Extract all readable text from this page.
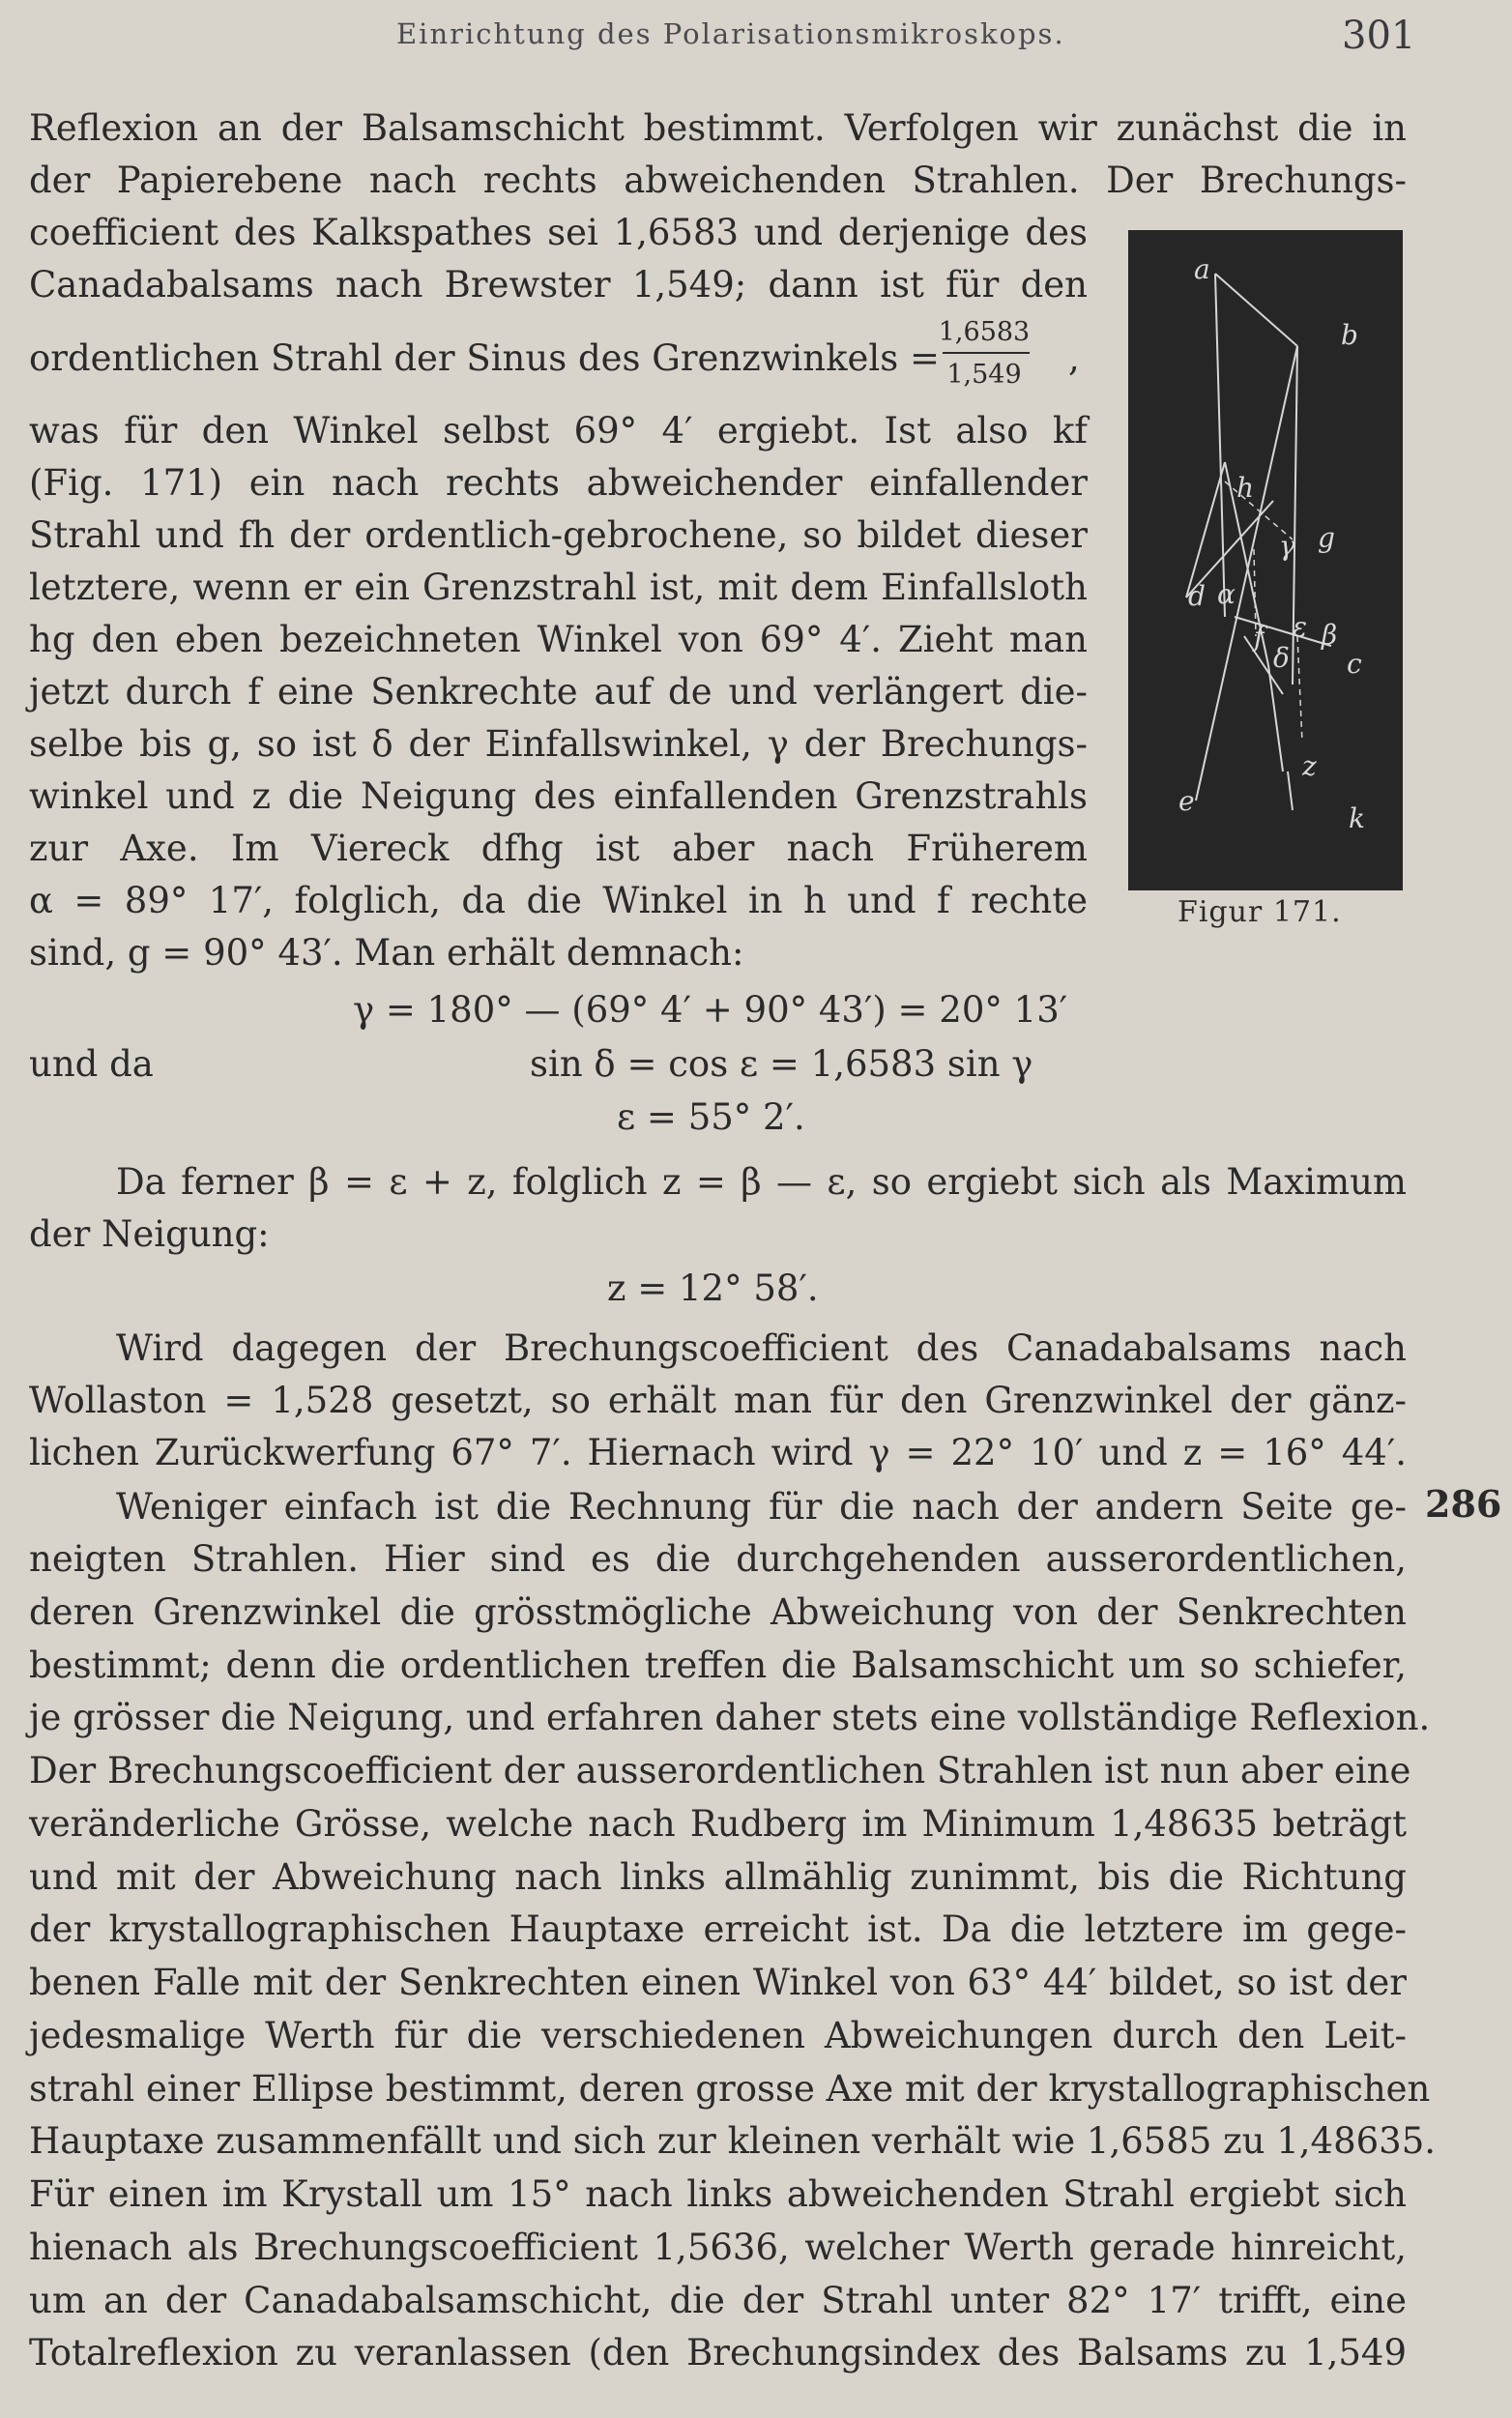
Einrichtung des Polarisationsmikroskops.	301
Reflexion an der Balsamschicht bestimmt. Verfolgen wir zunächst die in
der Papierebene nach rechts abweichenden Strahlen. Der Brechungs-
coefficient des Kalkspathes sei 1,6583 und derjenige des
Canadabalsams nach Brewster 1,549; dann ist für den
ordentlichen Strahl der Sinus des Grenzwinkels =
1,6583
1,549	,
was für den Winkel selbst 69° 4′ ergiebt. Ist also kf
(Fig. 171) ein nach rechts abweichender einfallender
Strahl und fh der ordentlich-gebrochene, so bildet dieser
letztere, wenn er ein Grenzstrahl ist, mit dem Einfallsloth
hg den eben bezeichneten Winkel von 69° 4′. Zieht man
jetzt durch f eine Senkrechte auf de und verlängert die-
selbe bis g, so ist δ der Einfallswinkel, γ der Brechungs-
winkel und z die Neigung des einfallenden Grenzstrahls
zur Axe. Im Viereck dfhg ist aber nach Früherem
α = 89° 17′, folglich, da die Winkel in h und f rechte
sind, g = 90° 43′. Man erhält demnach:
γ = 180° — (69° 4′ + 90° 43′) = 20° 13′
und da	sin δ = cos ε = 1,6583 sin γ
ε = 55° 2′.
Da ferner β = ε + z, folglich z = β — ε, so ergiebt sich als Maximum
der Neigung:
z = 12° 58′.
Wird dagegen der Brechungscoefficient des Canadabalsams nach
Wollaston = 1,528 gesetzt, so erhält man für den Grenzwinkel der gänz-
lichen Zurückwerfung 67° 7′. Hiernach wird γ = 22° 10′ und z = 16° 44′.
Weniger einfach ist die Rechnung für die nach der andern Seite ge-
neigten Strahlen. Hier sind es die durchgehenden ausserordentlichen,
deren Grenzwinkel die grösstmögliche Abweichung von der Senkrechten
bestimmt; denn die ordentlichen treffen die Balsamschicht um so schiefer,
je grösser die Neigung, und erfahren daher stets eine vollständige Reflexion.
Der Brechungscoefficient der ausserordentlichen Strahlen ist nun aber eine
veränderliche Grösse, welche nach Rudberg im Minimum 1,48635 beträgt
und mit der Abweichung nach links allmählig zunimmt, bis die Richtung
der krystallographischen Hauptaxe erreicht ist. Da die letztere im gege-
benen Falle mit der Senkrechten einen Winkel von 63° 44′ bildet, so ist der
jedesmalige Werth für die verschiedenen Abweichungen durch den Leit-
strahl einer Ellipse bestimmt, deren grosse Axe mit der krystallographischen
Hauptaxe zusammenfällt und sich zur kleinen verhält wie 1,6585 zu 1,48635.
Für einen im Krystall um 15° nach links abweichenden Strahl ergiebt sich
hienach als Brechungscoefficient 1,5636, welcher Werth gerade hinreicht,
um an der Canadabalsamschicht, die der Strahl unter 82° 17′ trifft, eine
Totalreflexion zu veranlassen (den Brechungsindex des Balsams zu 1,549
a
b
h
g
d α
f
δ
β
c
e
k
γ
ε
z
Figur 171.
286
